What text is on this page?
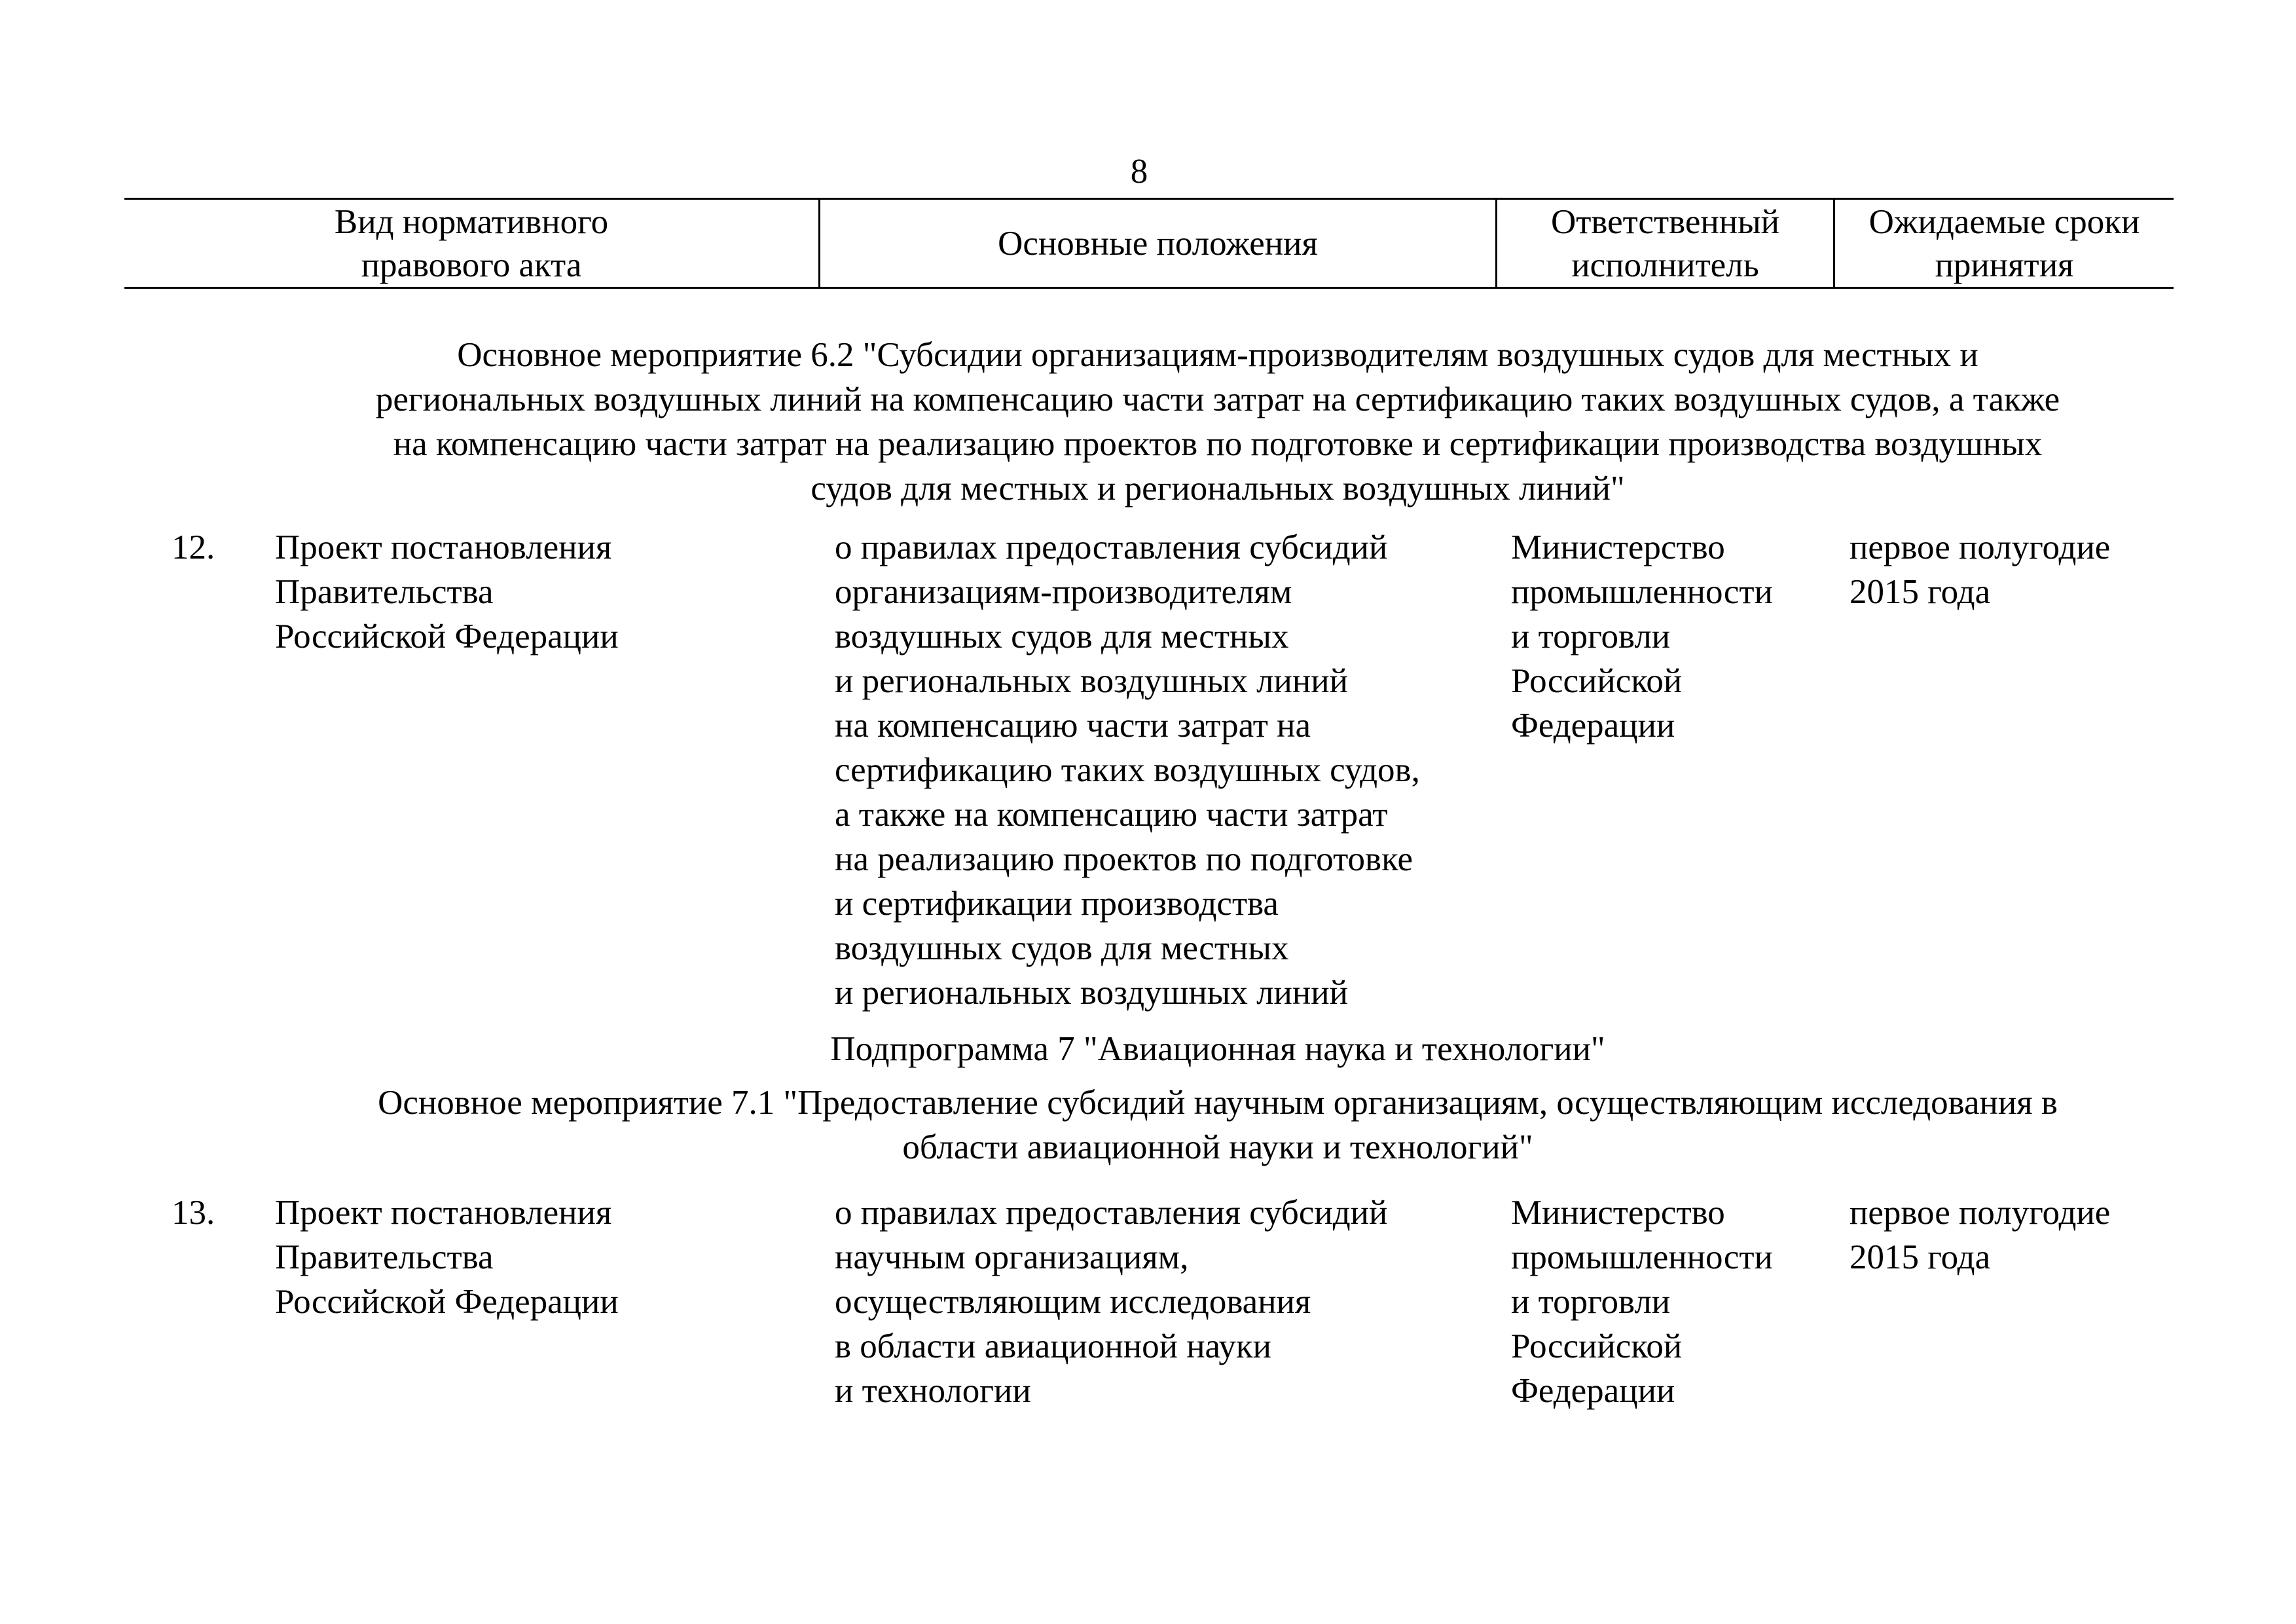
8
Вид нормативного
правового акта
Основные положения
Ответственный
исполнитель
Ожидаемые сроки
принятия
Основное мероприятие 6.2 "Субсидии организациям-производителям воздушных судов для местных и
региональных воздушных линий на компенсацию части затрат на сертификацию таких воздушных судов, а также
на компенсацию части затрат на реализацию проектов по подготовке и сертификации производства воздушных
судов для местных и региональных воздушных линий"
12. Проект постановления
Правительства
Российской Федерации
о правилах предоставления субсидий
организациям-производителям
воздушных судов для местных
и региональных воздушных линий
на компенсацию части затрат на
сертификацию таких воздушных судов,
а также на компенсацию части затрат
на реализацию проектов по подготовке
и сертификации производства
воздушных судов для местных
и региональных воздушных линий
Министерство
промышленности
и торговли
Российской
Федерации
первое полугодие
2015 года
Подпрограмма 7 "Авиационная наука и технологии"
Основное мероприятие 7.1 "Предоставление субсидий научным организациям, осуществляющим исследования в
области авиационной науки и технологий"
13. Проект постановления
Правительства
Российской Федерации
о правилах предоставления субсидий
научным организациям,
осуществляющим исследования
в области авиационной науки
и технологии
Министерство
промышленности
и торговли
Российской
Федерации
первое полугодие
2015 года
